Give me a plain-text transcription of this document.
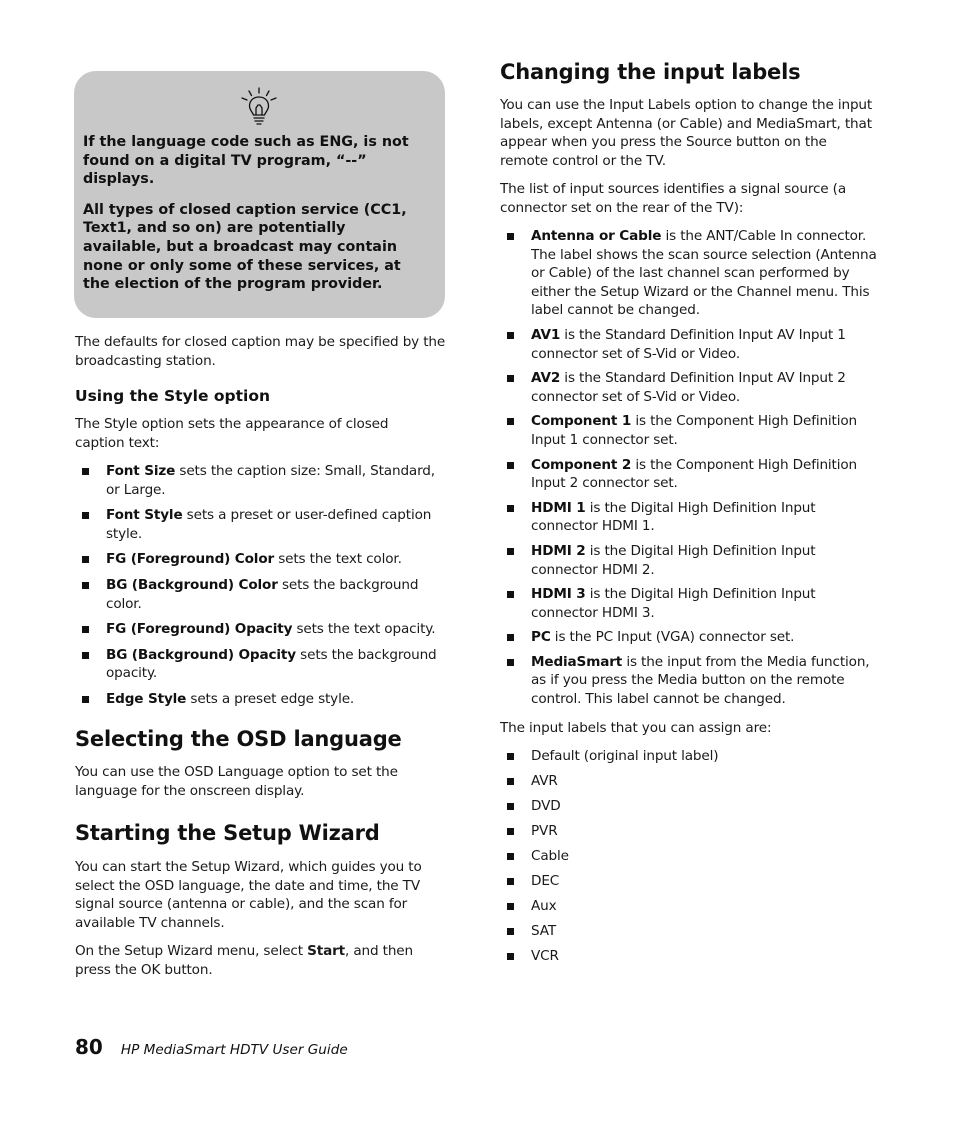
If the language code such as ENG, is not found on a digital TV program, “--” displays.

All types of closed caption service (CC1, Text1, and so on) are potentially available, but a broadcast may contain none or only some of these services, at the election of the program provider.

The defaults for closed caption may be specified by the broadcasting station.

Using the Style option

The Style option sets the appearance of closed caption text:

Font Size sets the caption size: Small, Standard, or Large.
Font Style sets a preset or user-defined caption style.
FG (Foreground) Color sets the text color.
BG (Background) Color sets the background color.
FG (Foreground) Opacity sets the text opacity.
BG (Background) Opacity sets the background opacity.
Edge Style sets a preset edge style.
Selecting the OSD language

You can use the OSD Language option to set the language for the onscreen display.

Starting the Setup Wizard

You can start the Setup Wizard, which guides you to select the OSD language, the date and time, the TV signal source (antenna or cable), and the scan for available TV channels.

On the Setup Wizard menu, select Start, and then press the OK button.

Changing the input labels

You can use the Input Labels option to change the input labels, except Antenna (or Cable) and MediaSmart, that appear when you press the Source button on the remote control or the TV.

The list of input sources identifies a signal source (a connector set on the rear of the TV):

Antenna or Cable is the ANT/Cable In connector. The label shows the scan source selection (Antenna or Cable) of the last channel scan performed by either the Setup Wizard or the Channel menu. This label cannot be changed.
AV1 is the Standard Definition Input AV Input 1 connector set of S-Vid or Video.
AV2 is the Standard Definition Input AV Input 2 connector set of S-Vid or Video.
Component 1 is the Component High Definition Input 1 connector set.
Component 2 is the Component High Definition Input 2 connector set.
HDMI 1 is the Digital High Definition Input connector HDMI 1.
HDMI 2 is the Digital High Definition Input connector HDMI 2.
HDMI 3 is the Digital High Definition Input connector HDMI 3.
PC is the PC Input (VGA) connector set.
MediaSmart is the input from the Media function, as if you press the Media button on the remote control. This label cannot be changed.

The input labels that you can assign are:

Default (original input label)
AVR
DVD
PVR
Cable
DEC
Aux
SAT
VCR
80 HP MediaSmart HDTV User Guide
